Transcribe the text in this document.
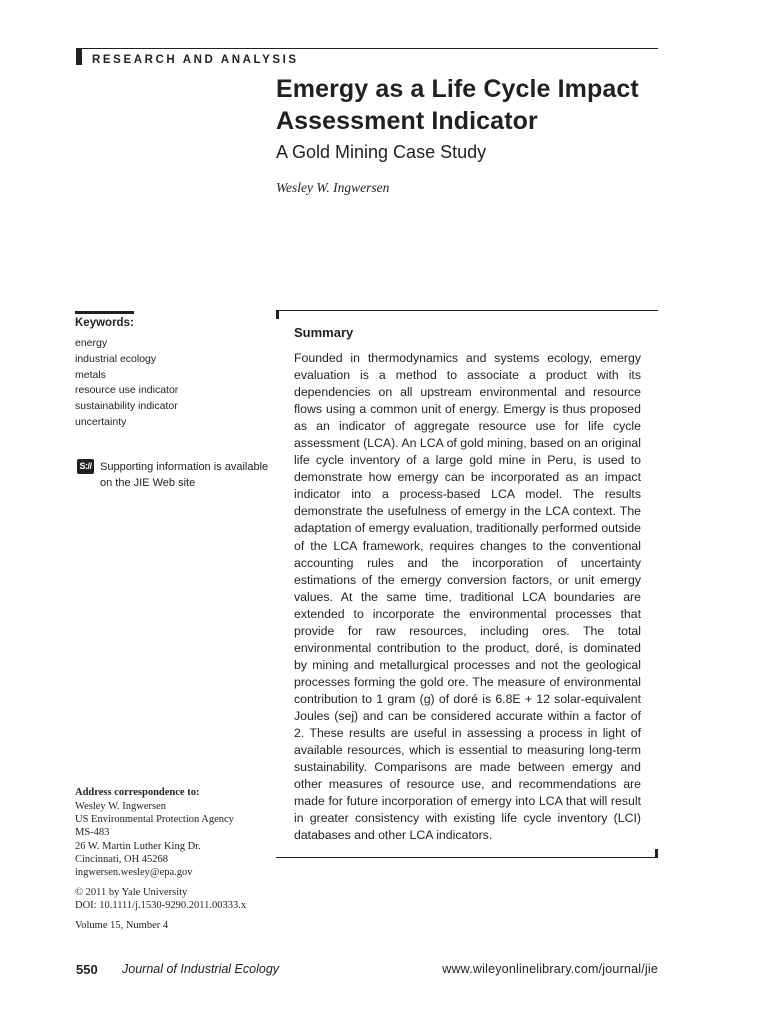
RESEARCH AND ANALYSIS
Emergy as a Life Cycle Impact Assessment Indicator
A Gold Mining Case Study
Wesley W. Ingwersen
Keywords:
energy
industrial ecology
metals
resource use indicator
sustainability indicator
uncertainty
S:// Supporting information is available on the JIE Web site
Address correspondence to:
Wesley W. Ingwersen
US Environmental Protection Agency
MS-483
26 W. Martin Luther King Dr.
Cincinnati, OH 45268
ingwersen.wesley@epa.gov
© 2011 by Yale University
DOI: 10.1111/j.1530-9290.2011.00333.x
Volume 15, Number 4
Summary
Founded in thermodynamics and systems ecology, emergy evaluation is a method to associate a product with its dependencies on all upstream environmental and resource flows using a common unit of energy. Emergy is thus proposed as an indicator of aggregate resource use for life cycle assessment (LCA). An LCA of gold mining, based on an original life cycle inventory of a large gold mine in Peru, is used to demonstrate how emergy can be incorporated as an impact indicator into a process-based LCA model. The results demonstrate the usefulness of emergy in the LCA context. The adaptation of emergy evaluation, traditionally performed outside of the LCA framework, requires changes to the conventional accounting rules and the incorporation of uncertainty estimations of the emergy conversion factors, or unit emergy values. At the same time, traditional LCA boundaries are extended to incorporate the environmental processes that provide for raw resources, including ores. The total environmental contribution to the product, doré, is dominated by mining and metallurgical processes and not the geological processes forming the gold ore. The measure of environmental contribution to 1 gram (g) of doré is 6.8E + 12 solar-equivalent Joules (sej) and can be considered accurate within a factor of 2. These results are useful in assessing a process in light of available resources, which is essential to measuring long-term sustainability. Comparisons are made between emergy and other measures of resource use, and recommendations are made for future incorporation of emergy into LCA that will result in greater consistency with existing life cycle inventory (LCI) databases and other LCA indicators.
550 Journal of Industrial Ecology	www.wileyonlinelibrary.com/journal/jie
